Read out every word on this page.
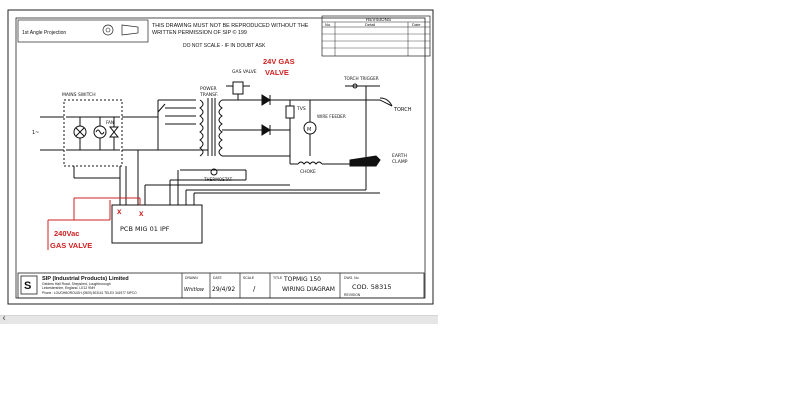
1st Angle Projection
THIS DRAWING MUST NOT BE REPRODUCED WITHOUT THE
WRITTEN PERMISSION OF SIP © 199
DO NOT SCALE - IF IN DOUBT ASK
REVISIONS
No.	Detail	Date
24V GAS
VALVE
PCB MIG 01 IPF
x x
240Vac
GAS VALVE
MAINS SWITCH
1~
FAN
POWER
TRANSF.
GAS VALVE
TORCH TRIGGER
TORCH
TVS
WIRE FEEDER
M
CHOKE
EARTH
CLAMP
THERMOSTAT
S
SIP (Industrial Products) Limited
Gelders Hall Road, Shepshed, Loughborough
Leicestershire, England. LE12 9NH
Phone : LOUGHBOROUGH (0509) 503141 TELEX 341977 SIPCO
DRAWN
Whitlow
DATE
29/4/92
SCALE
/
TITLE TOPMIG 150
WIRING DIAGRAM
DWG. No.
COD. 58315
REVISION
‹
